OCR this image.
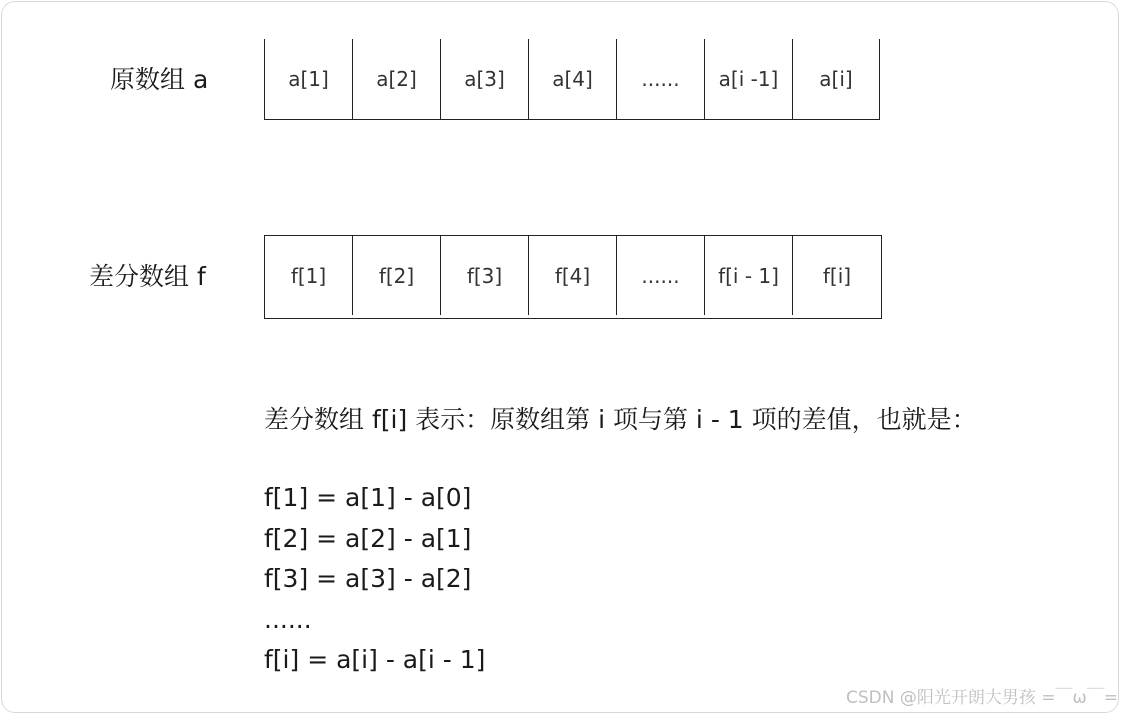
原数组 a	a[1]	a[2]	a[3]	a[4]	......	a[i -1]	a[i]
差分数组 f	f[1]	f[2]	f[3]	f[4]	......	f[i - 1]	f[i]
差分数组 f[i] 表示：原数组第 i 项与第 i - 1 项的差值，也就是：
f[1] = a[1] - a[0]
f[2] = a[2] - a[1]
f[3] = a[3] - a[2]
......
f[i] = a[i] - a[i - 1]
CSDN @阳光开朗大男孩 =￣ω￣=
